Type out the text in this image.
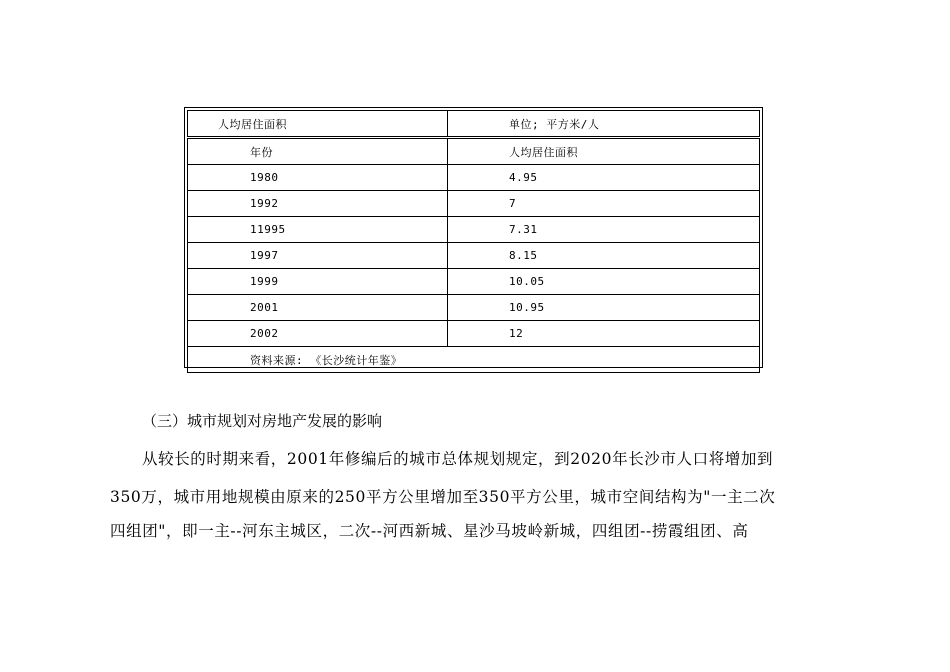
人均居住面积	单位; 平方米/人
年份	人均居住面积
1980	4.95
1992	7
11995	7.31
1997	8.15
1999	10.05
2001	10.95
2002	12
资料来源: 《长沙统计年鉴》	
（三）城市规划对房地产发展的影响
从较长的时期来看，2001年修编后的城市总体规划规定，到2020年长沙市人口将增加到
350万，城市用地规模由原来的250平方公里增加至350平方公里，城市空间结构为"一主二次
四组团"，即一主--河东主城区，二次--河西新城、星沙马坡岭新城，四组团--捞霞组团、高
